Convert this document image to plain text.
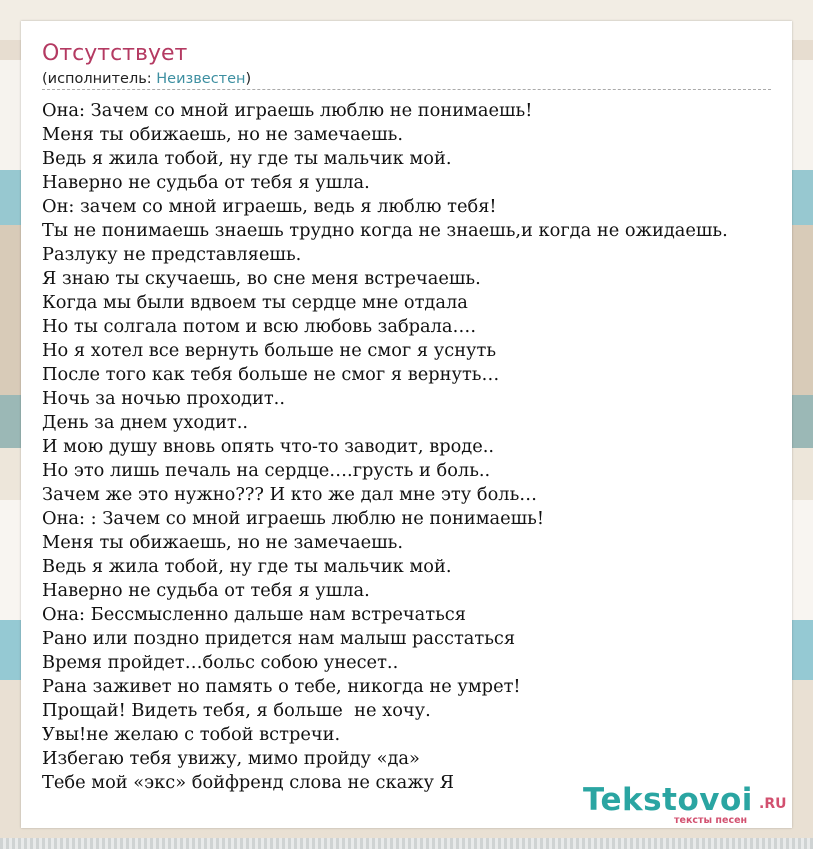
Отсутствует
(исполнитель: Неизвестен)
Она: Зачем со мной играешь люблю не понимаешь!
Меня ты обижаешь, но не замечаешь.
Ведь я жила тобой, ну где ты мальчик мой.
Наверно не судьба от тебя я ушла.
Он: зачем со мной играешь, ведь я люблю тебя!
Ты не понимаешь знаешь трудно когда не знаешь,и когда не ожидаешь.
Разлуку не представляешь.
Я знаю ты скучаешь, во сне меня встречаешь.
Когда мы были вдвоем ты сердце мне отдала
Но ты солгала потом и всю любовь забрала….
Но я хотел все вернуть больше не смог я уснуть
После того как тебя больше не смог я вернуть…
Ночь за ночью проходит..
День за днем уходит..
И мою душу вновь опять что-то заводит, вроде..
Но это лишь печаль на сердце….грусть и боль..
Зачем же это нужно??? И кто же дал мне эту боль…
Она: : Зачем со мной играешь люблю не понимаешь!
Меня ты обижаешь, но не замечаешь.
Ведь я жила тобой, ну где ты мальчик мой.
Наверно не судьба от тебя я ушла.
Она: Бессмысленно дальше нам встречаться
Рано или поздно придется нам малыш расстаться
Время пройдет…больс собою унесет..
Рана заживет но память о тебе, никогда не умрет!
Прощай! Видеть тебя, я больше  не хочу.
Увы!не желаю с тобой встречи.
Избегаю тебя увижу, мимо пройду «да»
Тебе мой «экс» бойфренд слова не скажу Я	Tekstovoi .RU
тексты песен
